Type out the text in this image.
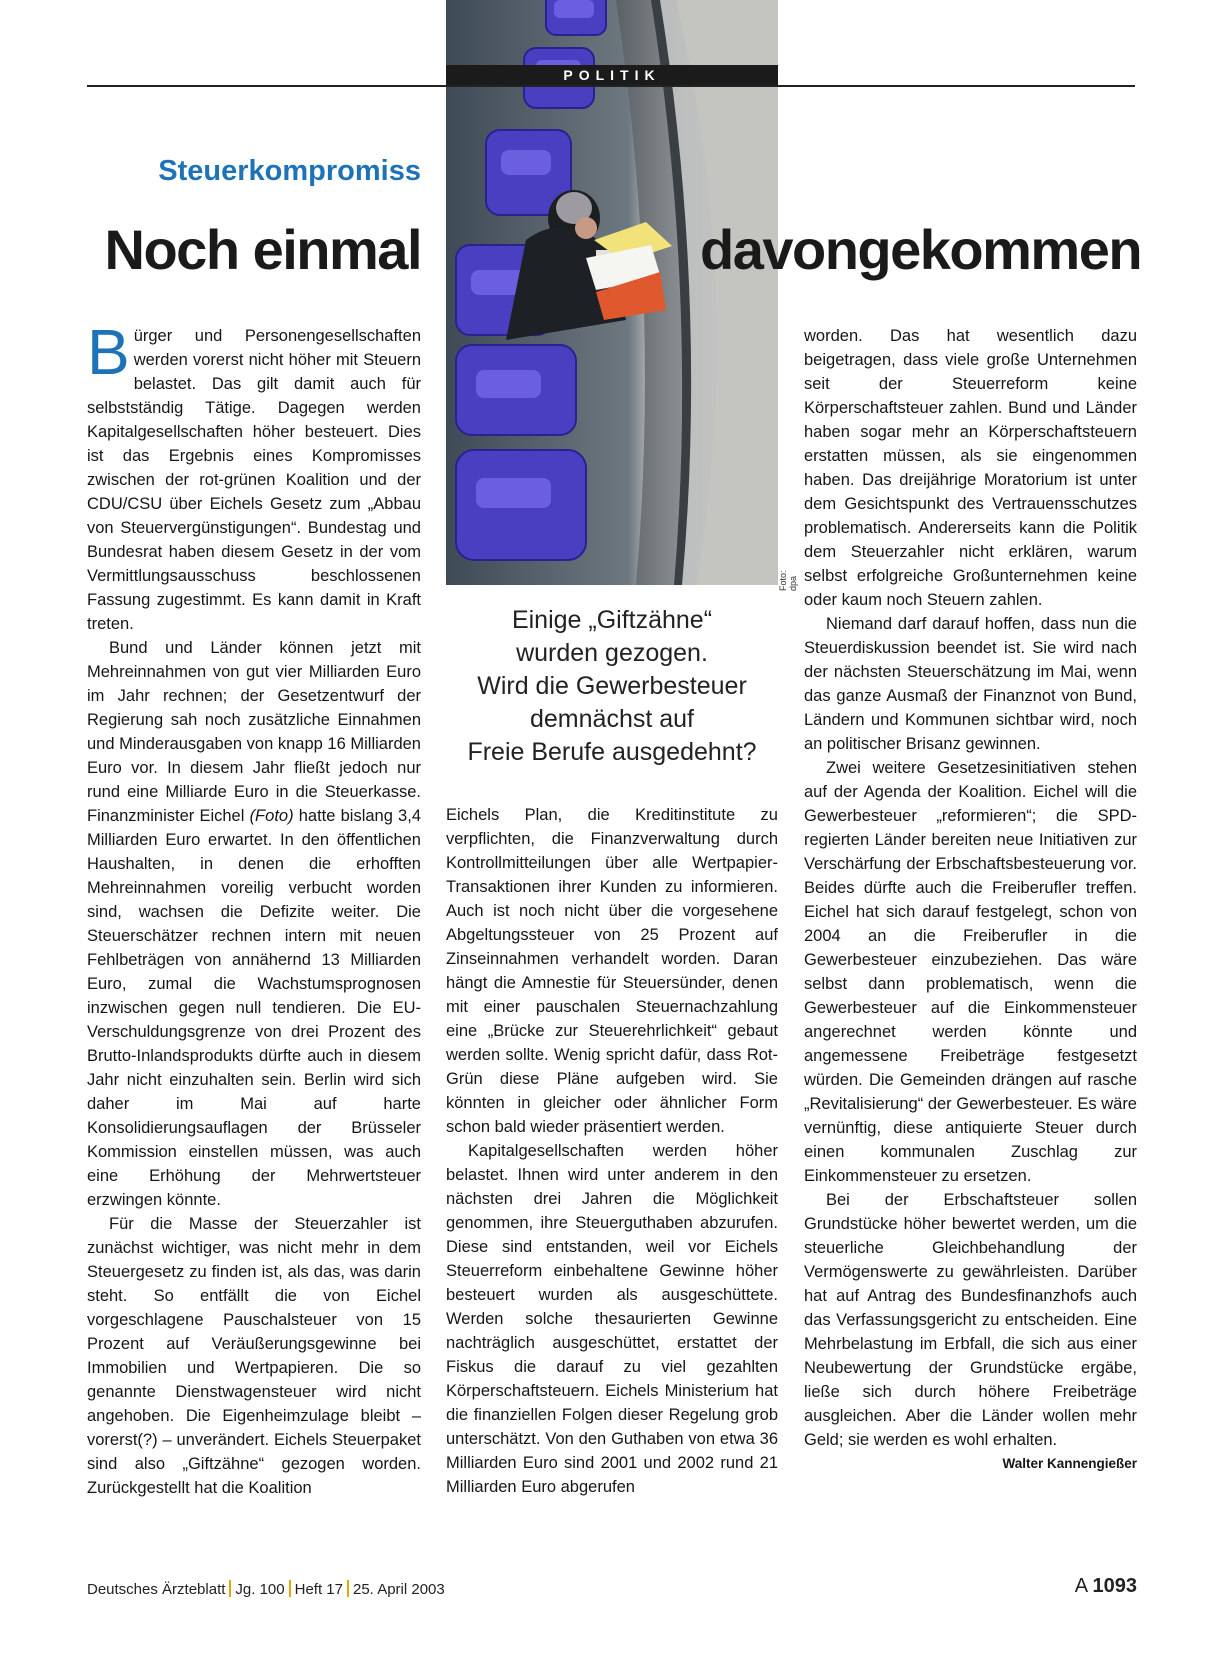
POLITIK
Foto: dpa
Steuerkompromiss
Noch einmal	davongekommen

Bürger und Personengesellschaften werden vorerst nicht höher mit Steuern belastet. Das gilt damit auch für selbstständig Tätige. Dagegen werden Kapitalgesellschaften höher besteuert. Dies ist das Ergebnis eines Kompromisses zwischen der rot-grünen Koalition und der CDU/CSU über Eichels Gesetz zum „Abbau von Steuervergünstigungen“. Bundestag und Bundesrat haben diesem Gesetz in der vom Vermittlungsausschuss beschlossenen Fassung zugestimmt. Es kann damit in Kraft treten.

Bund und Länder können jetzt mit Mehreinnahmen von gut vier Milliarden Euro im Jahr rechnen; der Gesetzentwurf der Regierung sah noch zusätzliche Einnahmen und Minderausgaben von knapp 16 Milliarden Euro vor. In diesem Jahr fließt jedoch nur rund eine Milliarde Euro in die Steuerkasse. Finanzminister Eichel (Foto) hatte bislang 3,4 Milliarden Euro erwartet. In den öffentlichen Haushalten, in denen die erhofften Mehreinnahmen voreilig verbucht worden sind, wachsen die Defizite weiter. Die Steuerschätzer rechnen intern mit neuen Fehlbeträgen von annähernd 13 Milliarden Euro, zumal die Wachstumsprognosen inzwischen gegen null tendieren. Die EU-Verschuldungsgrenze von drei Prozent des Brutto-Inlandsprodukts dürfte auch in diesem Jahr nicht einzuhalten sein. Berlin wird sich daher im Mai auf harte Konsolidierungsauflagen der Brüsseler Kommission einstellen müssen, was auch eine Erhöhung der Mehrwertsteuer erzwingen könnte.

Für die Masse der Steuerzahler ist zunächst wichtiger, was nicht mehr in dem Steuergesetz zu finden ist, als das, was darin steht. So entfällt die von Eichel vorgeschlagene Pauschalsteuer von 15 Prozent auf Veräußerungsgewinne bei Immobilien und Wertpapieren. Die so genannte Dienstwagensteuer wird nicht angehoben. Die Eigenheimzulage bleibt – vorerst(?) – unverändert. Eichels Steuerpaket sind also „Giftzähne“ gezogen worden. Zurückgestellt hat die Koalition

Einige „Giftzähne“
wurden gezogen.
Wird die Gewerbesteuer
demnächst auf
Freie Berufe ausgedehnt?

Eichels Plan, die Kreditinstitute zu verpflichten, die Finanzverwaltung durch Kontrollmitteilungen über alle Wertpapier-Transaktionen ihrer Kunden zu informieren. Auch ist noch nicht über die vorgesehene Abgeltungssteuer von 25 Prozent auf Zinseinnahmen verhandelt worden. Daran hängt die Amnestie für Steuersünder, denen mit einer pauschalen Steuernachzahlung eine „Brücke zur Steuerehrlichkeit“ gebaut werden sollte. Wenig spricht dafür, dass Rot-Grün diese Pläne aufgeben wird. Sie könnten in gleicher oder ähnlicher Form schon bald wieder präsentiert werden.

Kapitalgesellschaften werden höher belastet. Ihnen wird unter anderem in den nächsten drei Jahren die Möglichkeit genommen, ihre Steuerguthaben abzurufen. Diese sind entstanden, weil vor Eichels Steuerreform einbehaltene Gewinne höher besteuert wurden als ausgeschüttete. Werden solche thesaurierten Gewinne nachträglich ausgeschüttet, erstattet der Fiskus die darauf zu viel gezahlten Körperschaftsteuern. Eichels Ministerium hat die finanziellen Folgen dieser Regelung grob unterschätzt. Von den Guthaben von etwa 36 Milliarden Euro sind 2001 und 2002 rund 21 Milliarden Euro abgerufen

worden. Das hat wesentlich dazu beigetragen, dass viele große Unternehmen seit der Steuerreform keine Körperschaftsteuer zahlen. Bund und Länder haben sogar mehr an Körperschaftsteuern erstatten müssen, als sie eingenommen haben. Das dreijährige Moratorium ist unter dem Gesichtspunkt des Vertrauensschutzes problematisch. Andererseits kann die Politik dem Steuerzahler nicht erklären, warum selbst erfolgreiche Großunternehmen keine oder kaum noch Steuern zahlen.

Niemand darf darauf hoffen, dass nun die Steuerdiskussion beendet ist. Sie wird nach der nächsten Steuerschätzung im Mai, wenn das ganze Ausmaß der Finanznot von Bund, Ländern und Kommunen sichtbar wird, noch an politischer Brisanz gewinnen.

Zwei weitere Gesetzesinitiativen stehen auf der Agenda der Koalition. Eichel will die Gewerbesteuer „reformieren“; die SPD-regierten Länder bereiten neue Initiativen zur Verschärfung der Erbschaftsbesteuerung vor. Beides dürfte auch die Freiberufler treffen. Eichel hat sich darauf festgelegt, schon von 2004 an die Freiberufler in die Gewerbesteuer einzubeziehen. Das wäre selbst dann problematisch, wenn die Gewerbesteuer auf die Einkommensteuer angerechnet werden könnte und angemessene Freibeträge festgesetzt würden. Die Gemeinden drängen auf rasche „Revitalisierung“ der Gewerbesteuer. Es wäre vernünftig, diese antiquierte Steuer durch einen kommunalen Zuschlag zur Einkommensteuer zu ersetzen.

Bei der Erbschaftsteuer sollen Grundstücke höher bewertet werden, um die steuerliche Gleichbehandlung der Vermögenswerte zu gewährleisten. Darüber hat auf Antrag des Bundesfinanzhofs auch das Verfassungsgericht zu entscheiden. Eine Mehrbelastung im Erbfall, die sich aus einer Neubewertung der Grundstücke ergäbe, ließe sich durch höhere Freibeträge ausgleichen. Aber die Länder wollen mehr Geld; sie werden es wohl erhalten.
Walter Kannengießer

Deutsches Ärzteblatt Jg. 100 Heft 17 25. April 2003	A 1093
